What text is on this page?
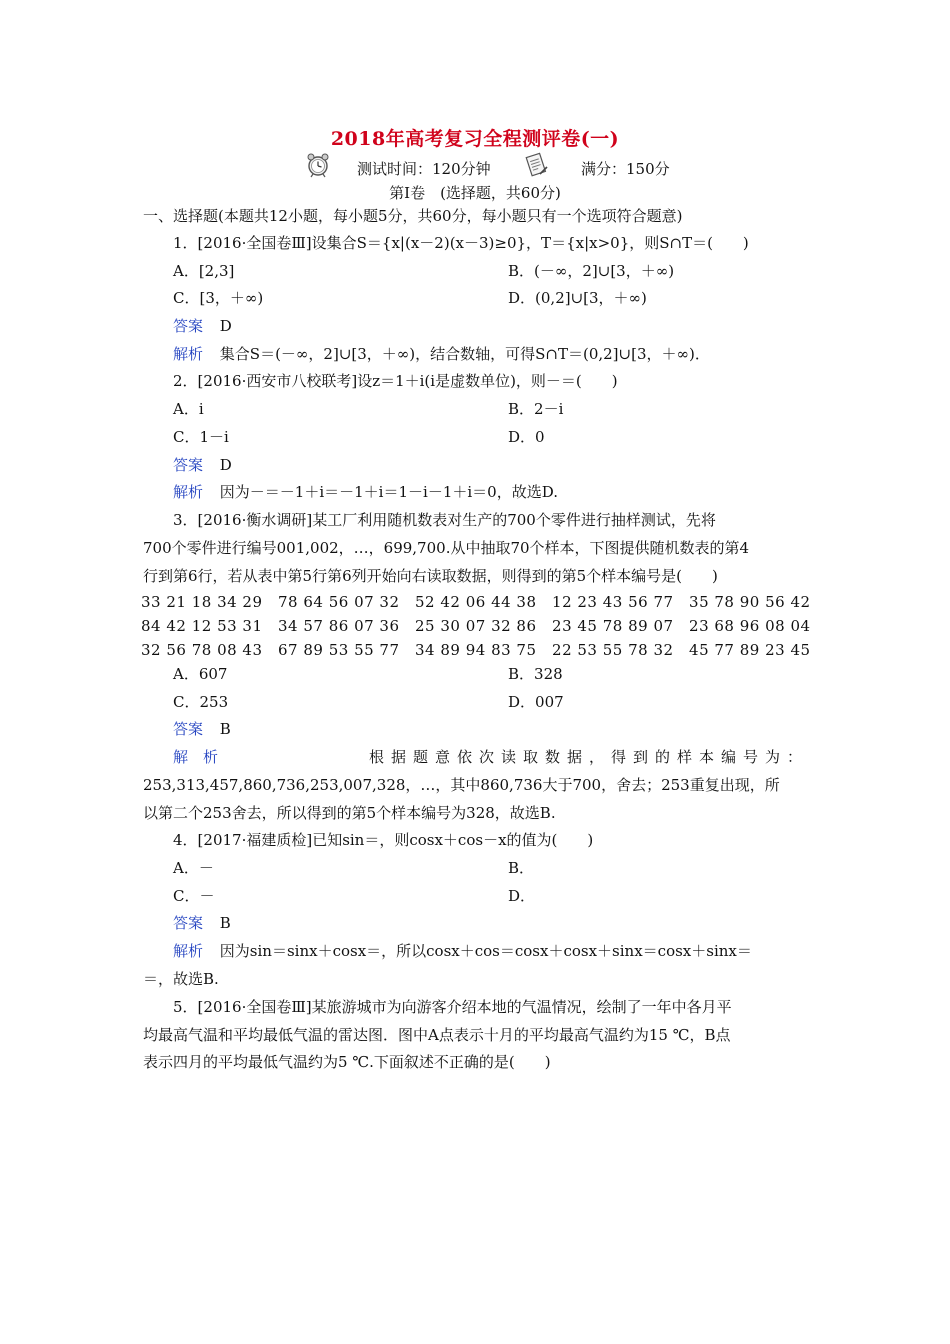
2018年高考复习全程测评卷(一)
测试时间：120分钟	满分：150分
第Ⅰ卷　(选择题，共60分)
一、选择题(本题共12小题，每小题5分，共60分，每小题只有一个选项符合题意)
1．[2016·全国卷Ⅲ]设集合S＝{x|(x－2)(x－3)≥0}，T＝{x|x>0}，则S∩T＝(　　)
A．[2,3]	B．(－∞，2]∪[3，＋∞)
C．[3，＋∞)	D．(0,2]∪[3，＋∞)
答案 D
解析 集合S＝(－∞，2]∪[3，＋∞)，结合数轴，可得S∩T＝(0,2]∪[3，＋∞)．
2．[2016·西安市八校联考]设z＝1＋i(i是虚数单位)，则－＝(　　)
A．i	B．2－i
C．1－i	D．0
答案 D
解析 因为－＝－1＋i＝－1＋i＝1－i－1＋i＝0，故选D.
3．[2016·衡水调研]某工厂利用随机数表对生产的700个零件进行抽样测试，先将
700个零件进行编号001,002，…，699,700.从中抽取70个样本，下图提供随机数表的第4
行到第6行，若从表中第5行第6列开始向右读取数据，则得到的第5个样本编号是(　　)
33 21 18 34 29　78 64 56 07 32　52 42 06 44 38　12 23 43 56 77　35 78 90 56 42
84 42 12 53 31　34 57 86 07 36　25 30 07 32 86　23 45 78 89 07　23 68 96 08 04
32 56 78 08 43　67 89 53 55 77　34 89 94 83 75　22 53 55 78 32　45 77 89 23 45
A．607	B．328
C．253	D．007
答案 B
解　析	根据题意依次读取数据，得到的样本编号为：
253,313,457,860,736,253,007,328，…，其中860,736大于700，舍去；253重复出现，所
以第二个253舍去，所以得到的第5个样本编号为328，故选B.
4．[2017·福建质检]已知sin＝，则cosx＋cos－x的值为(　　)
A．－	B．
C．－	D．
答案 B
解析 因为sin＝sinx＋cosx＝，所以cosx＋cos＝cosx＋cosx＋sinx＝cosx＋sinx＝
＝，故选B.
5．[2016·全国卷Ⅲ]某旅游城市为向游客介绍本地的气温情况，绘制了一年中各月平
均最高气温和平均最低气温的雷达图．图中A点表示十月的平均最高气温约为15 ℃，B点
表示四月的平均最低气温约为5 ℃.下面叙述不正确的是(　　)
